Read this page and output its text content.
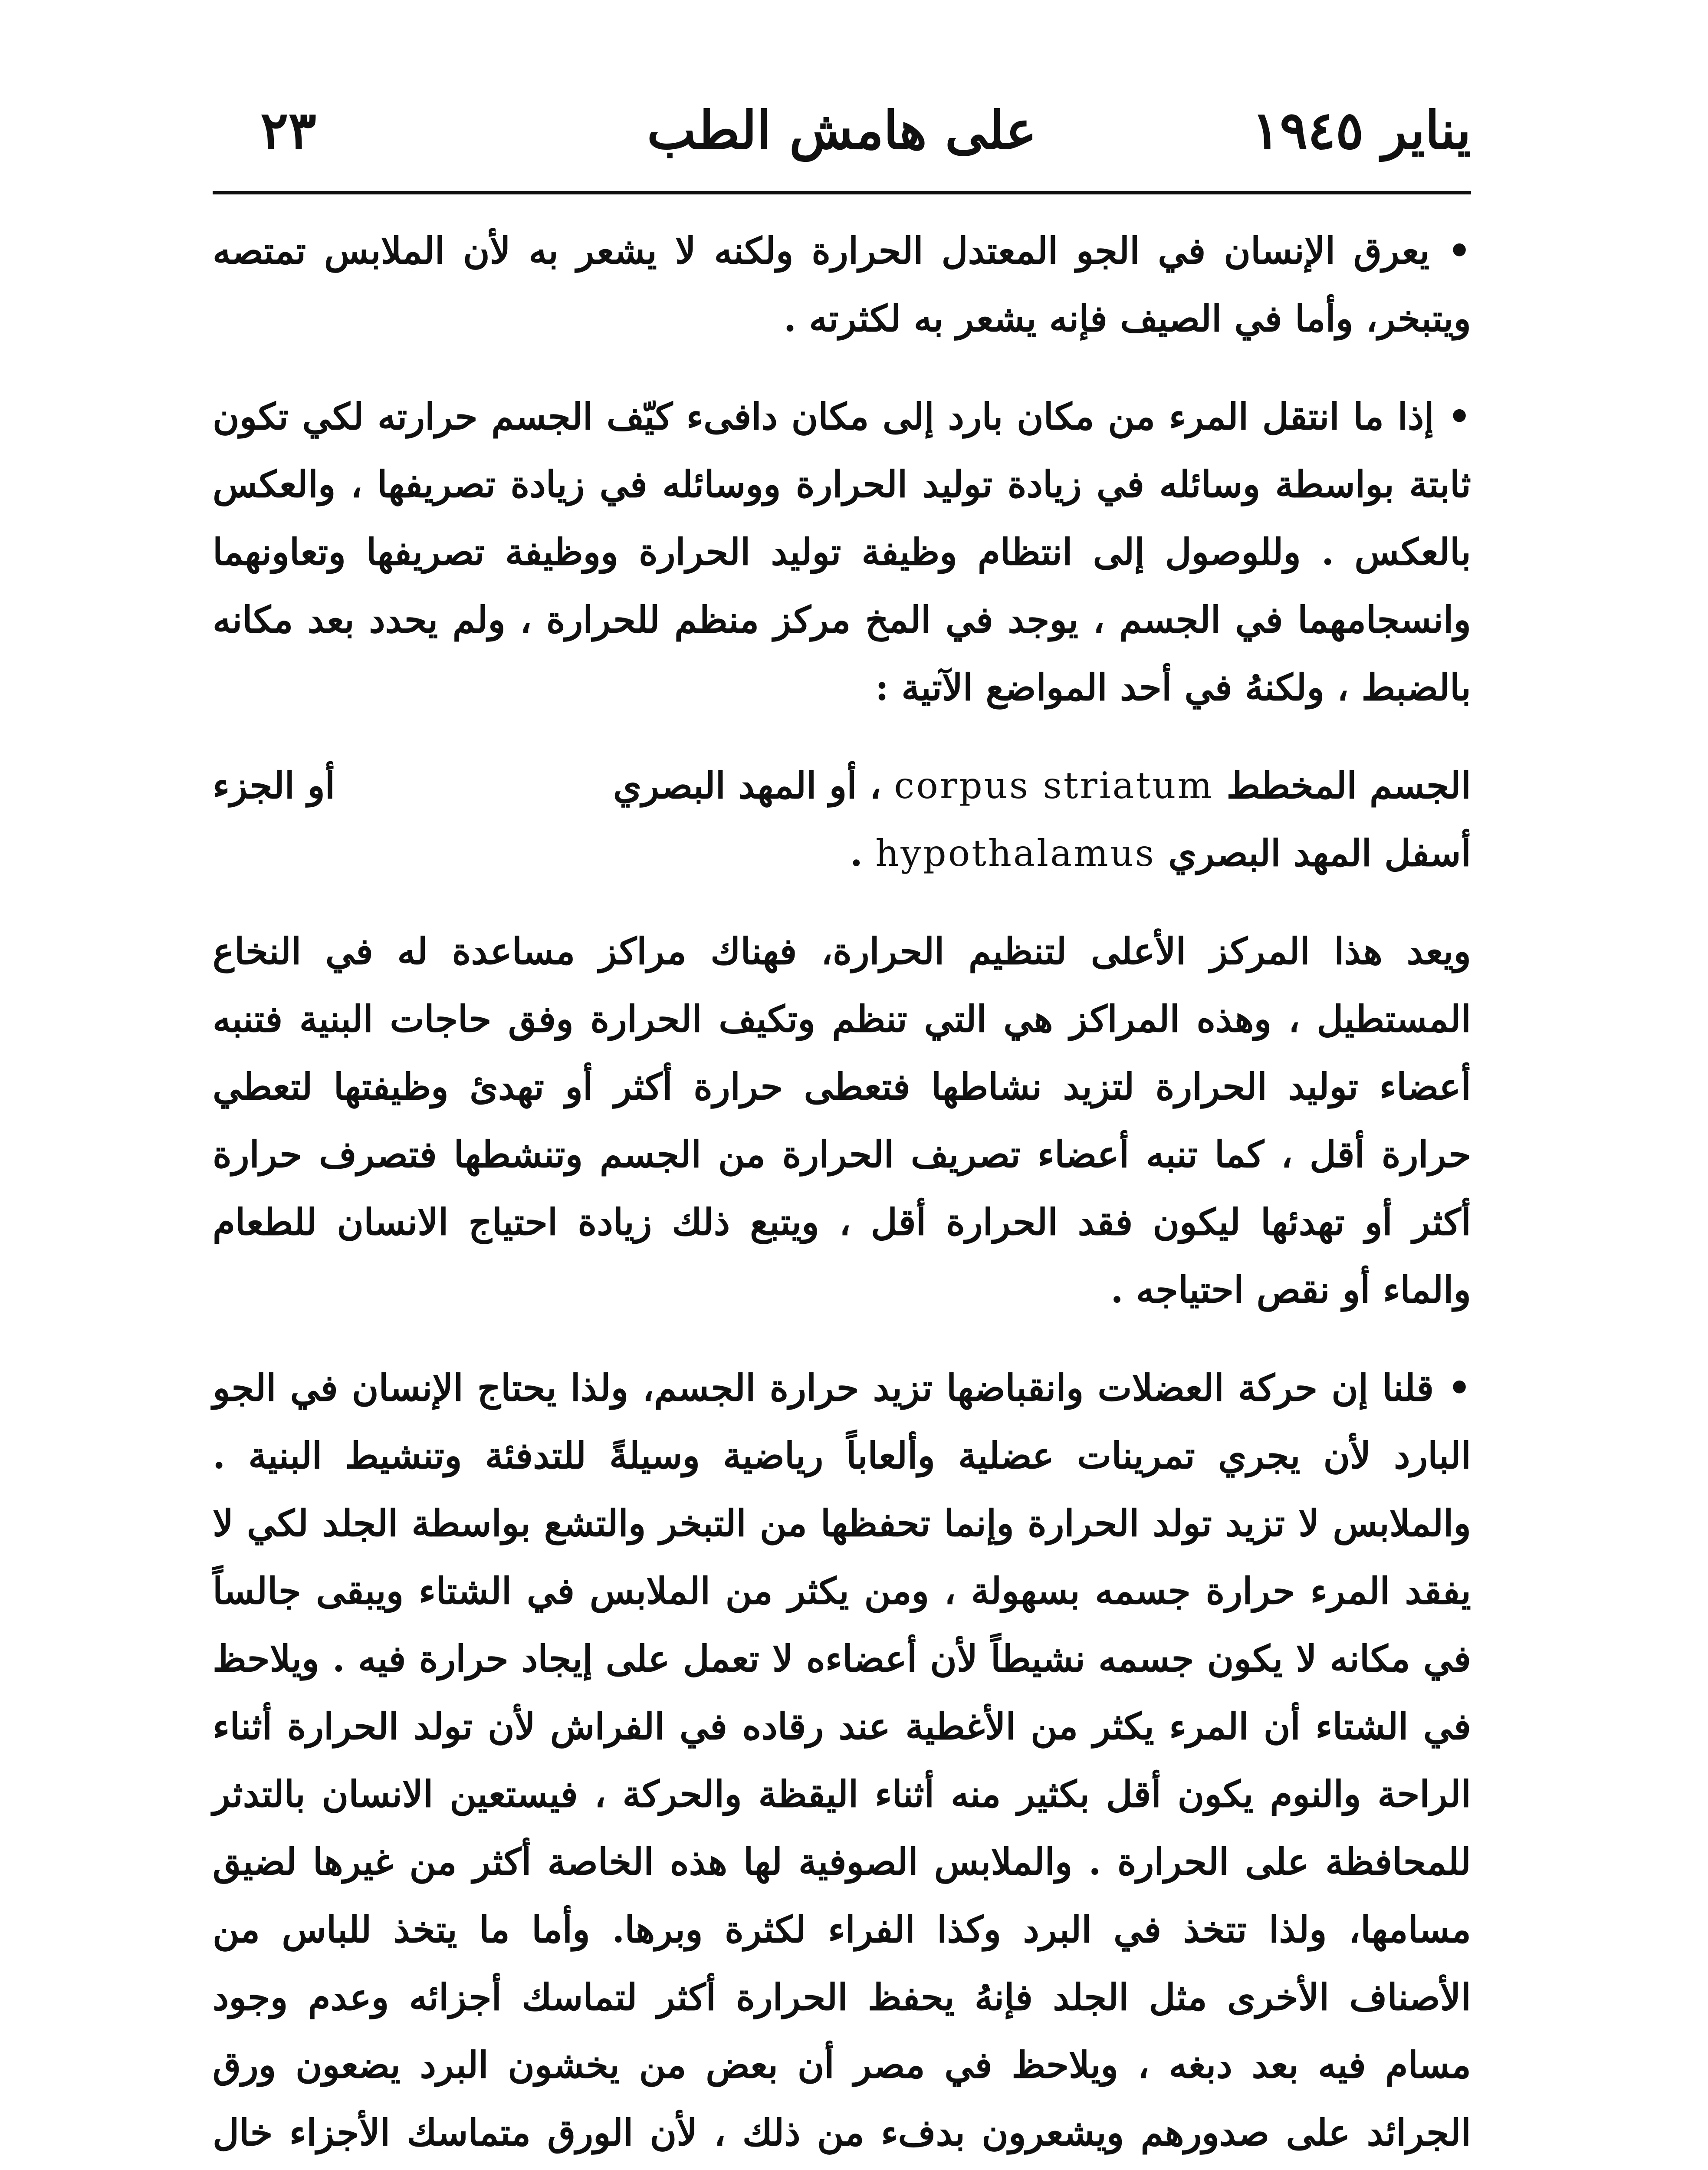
يناير ١٩٤٥
على هامش الطب
٢٣

• يعرق الإنسان في الجو المعتدل الحرارة ولكنه لا يشعر به لأن الملابس تمتصه ويتبخر، وأما في الصيف فإنه يشعر به لكثرته .

• إذا ما انتقل المرء من مكان بارد إلى مكان دافىء كيّف الجسم حرارته لكي تكون ثابتة بواسطة وسائله في زيادة توليد الحرارة ووسائله في زيادة تصريفها ، والعكس بالعكس . وللوصول إلى انتظام وظيفة توليد الحرارة ووظيفة تصريفها وتعاونهما وانسجامهما في الجسم ، يوجد في المخ مركز منظم للحرارة ، ولم يحدد بعد مكانه بالضبط ، ولكنهُ في أحد المواضع الآتية :

الجسم المخطط corpus striatum ، أو المهد البصري
أو الجزء
أسفل المهد البصري hypothalamus .

ويعد هذا المركز الأعلى لتنظيم الحرارة، فهناك مراكز مساعدة له في النخاع المستطيل ، وهذه المراكز هي التي تنظم وتكيف الحرارة وفق حاجات البنية فتنبه أعضاء توليد الحرارة لتزيد نشاطها فتعطى حرارة أكثر أو تهدئ وظيفتها لتعطي حرارة أقل ، كما تنبه أعضاء تصريف الحرارة من الجسم وتنشطها فتصرف حرارة أكثر أو تهدئها ليكون فقد الحرارة أقل ، ويتبع ذلك زيادة احتياج الانسان للطعام والماء أو نقص احتياجه .

• قلنا إن حركة العضلات وانقباضها تزيد حرارة الجسم، ولذا يحتاج الإنسان في الجو البارد لأن يجري تمرينات عضلية وألعاباً رياضية وسيلةً للتدفئة وتنشيط البنية . والملابس لا تزيد تولد الحرارة وإنما تحفظها من التبخر والتشع بواسطة الجلد لكي لا يفقد المرء حرارة جسمه بسهولة ، ومن يكثر من الملابس في الشتاء ويبقى جالساً في مكانه لا يكون جسمه نشيطاً لأن أعضاءه لا تعمل على إيجاد حرارة فيه . ويلاحظ في الشتاء أن المرء يكثر من الأغطية عند رقاده في الفراش لأن تولد الحرارة أثناء الراحة والنوم يكون أقل بكثير منه أثناء اليقظة والحركة ، فيستعين الانسان بالتدثر للمحافظة على الحرارة . والملابس الصوفية لها هذه الخاصة أكثر من غيرها لضيق مسامها، ولذا تتخذ في البرد وكذا الفراء لكثرة وبرها. وأما ما يتخذ للباس من الأصناف الأخرى مثل الجلد فإنهُ يحفظ الحرارة أكثر لتماسك أجزائه وعدم وجود مسام فيه بعد دبغه ، ويلاحظ في مصر أن بعض من يخشون البرد يضعون ورق الجرائد على صدورهم ويشعرون بدفء من ذلك ، لأن الورق متماسك الأجزاء خال
